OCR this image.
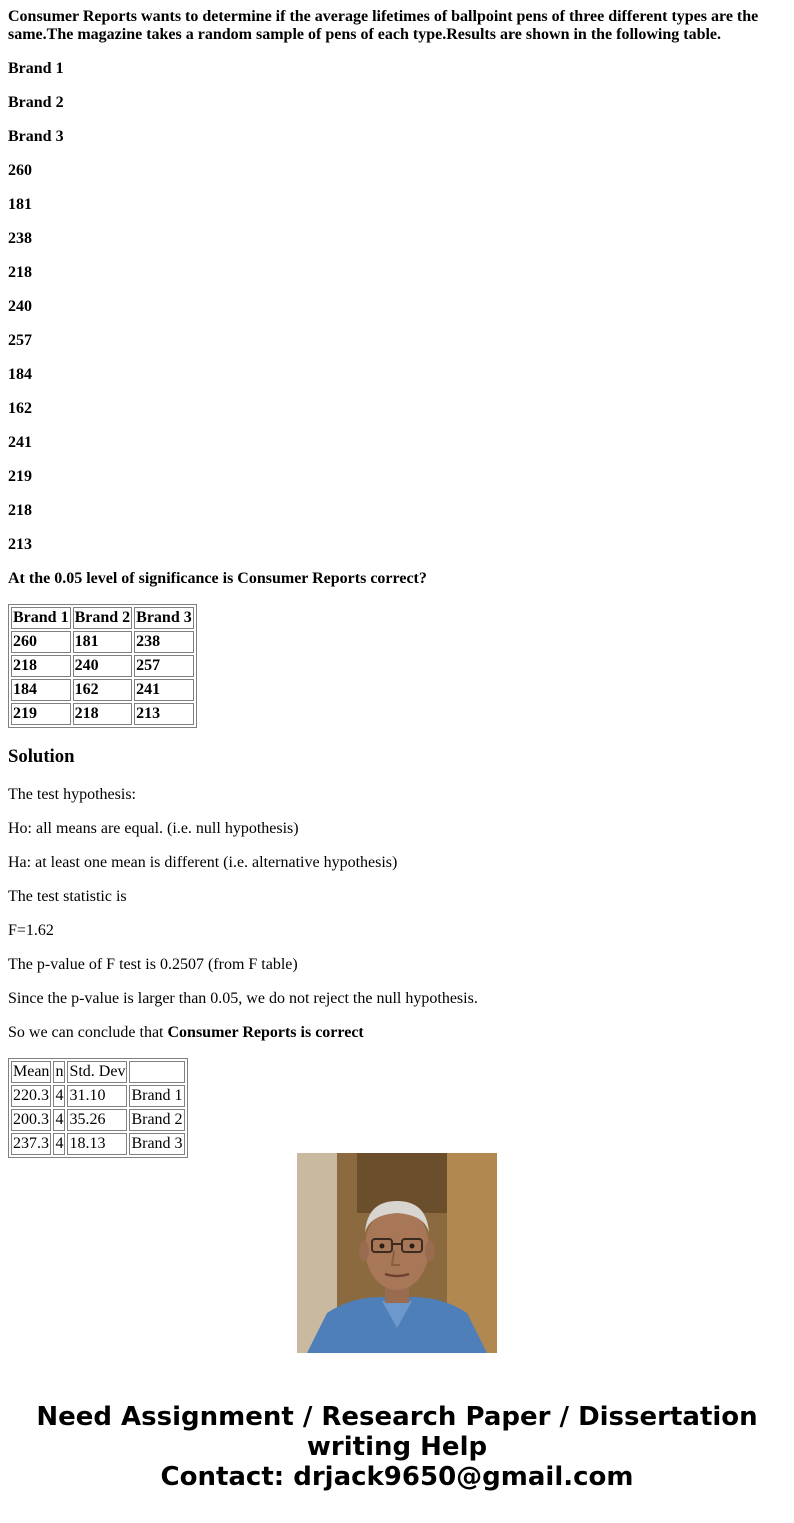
Consumer Reports wants to determine if the average lifetimes of ballpoint pens of three different types are the same.The magazine takes a random sample of pens of each type.Results are shown in the following table.

Brand 1

Brand 2

Brand 3

260

181

238

218

240

257

184

162

241

219

218

213

At the 0.05 level of significance is Consumer Reports correct?

Brand 1	Brand 2	Brand 3
260	181	238
218	240	257
184	162	241
219	218	213
Solution

The test hypothesis:

Ho: all means are equal. (i.e. null hypothesis)

Ha: at least one mean is different (i.e. alternative hypothesis)

The test statistic is

F=1.62

The p-value of F test is 0.2507 (from F table)

Since the p-value is larger than 0.05, we do not reject the null hypothesis.

So we can conclude that Consumer Reports is correct

Mean	n	Std. Dev	
220.3	4	31.10	Brand 1
200.3	4	35.26	Brand 2
237.3	4	18.13	Brand 3
Need Assignment / Research Paper / Dissertation
writing Help
Contact: drjack9650@gmail.com
